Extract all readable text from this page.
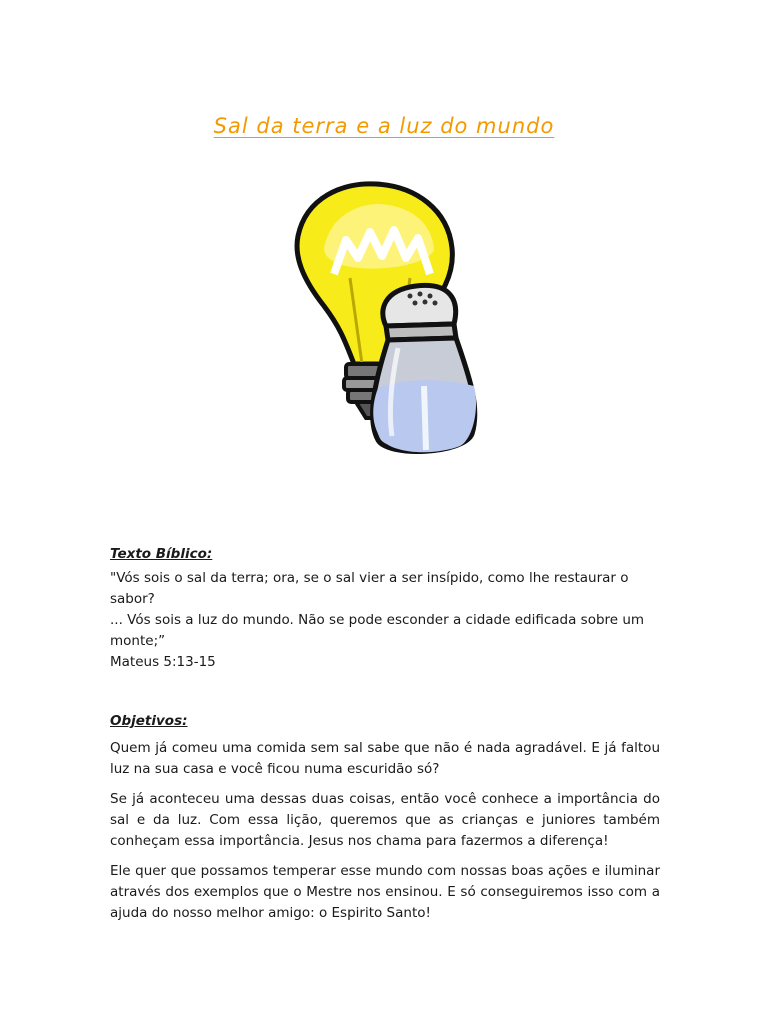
Sal da terra e a luz do mundo

Texto Bíblico:

"Vós sois o sal da terra; ora, se o sal vier a ser insípido, como lhe restaurar o sabor?

... Vós sois a luz do mundo. Não se pode esconder a cidade edificada sobre um monte;”

Mateus 5:13-15

Objetivos:

Quem já comeu uma comida sem sal sabe que não é nada agradável. E já faltou luz na sua casa e você ficou numa escuridão só?

Se já aconteceu uma dessas duas coisas, então você conhece a importância do sal e da luz. Com essa lição, queremos que as crianças e juniores também conheçam essa importância. Jesus nos chama para fazermos a diferença!

Ele quer que possamos temperar esse mundo com nossas boas ações e iluminar através dos exemplos que o Mestre nos ensinou. E só conseguiremos isso com a ajuda do nosso melhor amigo: o Espirito Santo!
